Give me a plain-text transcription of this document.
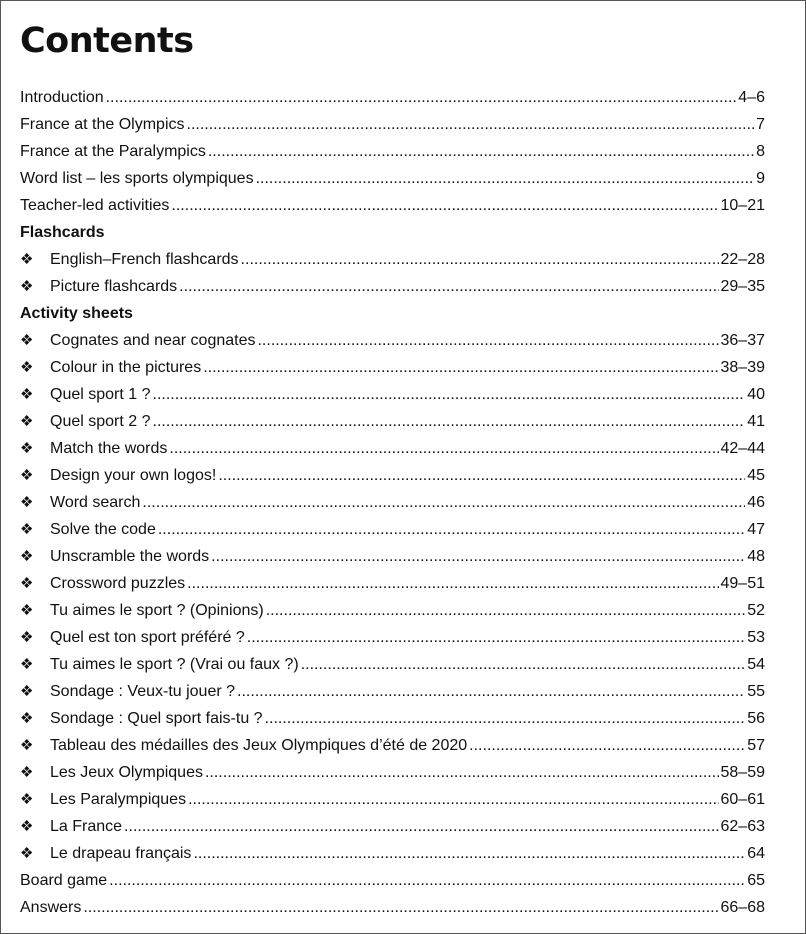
Contents
Introduction .....	4–6
France at the Olympics .....	7
France at the Paralympics .....	8
Word list – les sports olympiques .....	9
Teacher-led activities .....	10–21
Flashcards
❖	English–French flashcards .....	22–28
❖	Picture flashcards .....	29–35
Activity sheets
❖	Cognates and near cognates .....	36–37
❖	Colour in the pictures .....	38–39
❖	Quel sport 1 ? .....	40
❖	Quel sport 2 ? .....	41
❖	Match the words .....	42–44
❖	Design your own logos! .....	45
❖	Word search .....	46
❖	Solve the code .....	47
❖	Unscramble the words .....	48
❖	Crossword puzzles .....	49–51
❖	Tu aimes le sport ? (Opinions) .....	52
❖	Quel est ton sport préféré ? .....	53
❖	Tu aimes le sport ? (Vrai ou faux ?) .....	54
❖	Sondage : Veux-tu jouer ? .....	55
❖	Sondage : Quel sport fais-tu ? .....	56
❖	Tableau des médailles des Jeux Olympiques d’été de 2020 .....	57
❖	Les Jeux Olympiques .....	58–59
❖	Les Paralympiques .....	60–61
❖	La France .....	62–63
❖	Le drapeau français .....	64
Board game .....	65
Answers .....	66–68
